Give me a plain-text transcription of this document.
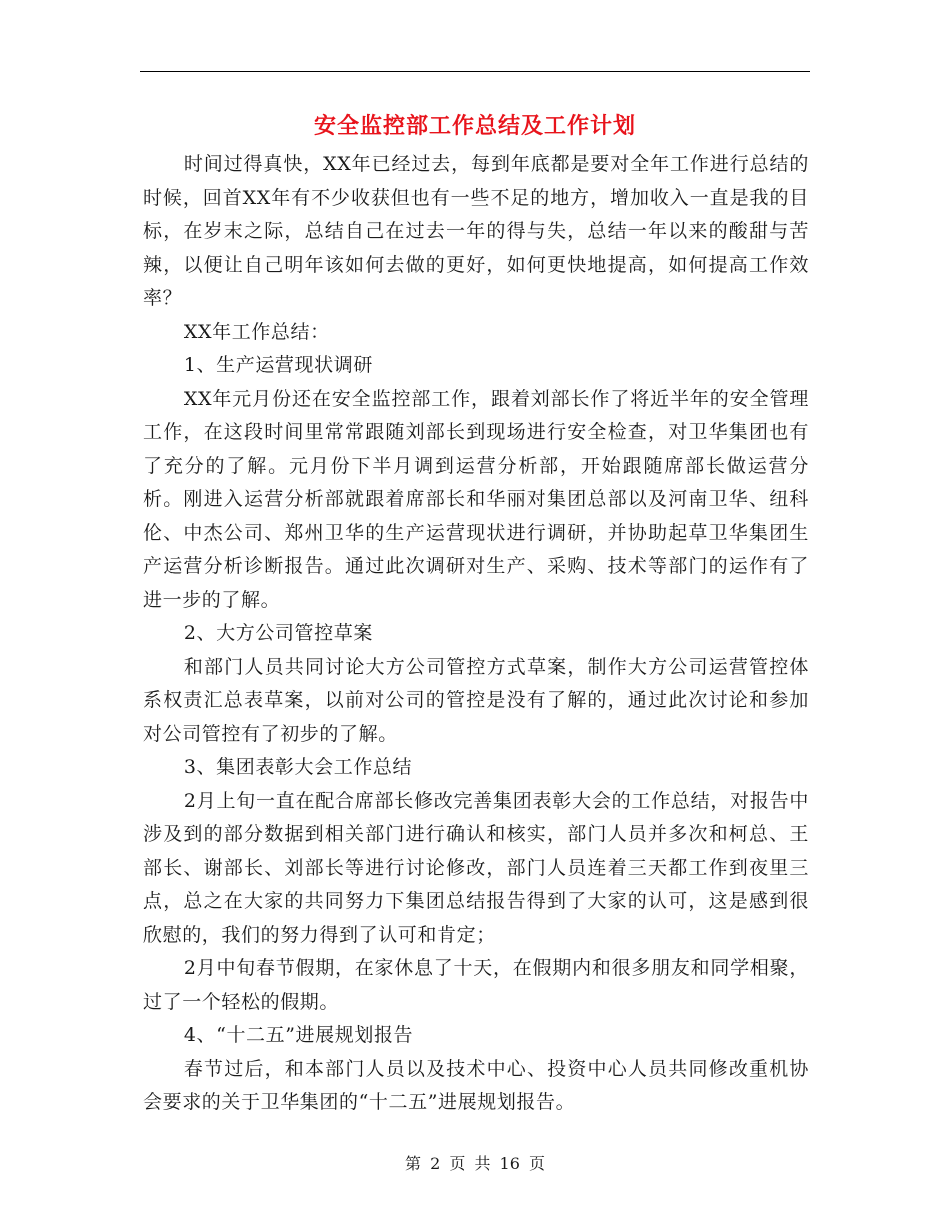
安全监控部工作总结及工作计划

时间过得真快，XX年已经过去，每到年底都是要对全年工作进行总结的时候，回首XX年有不少收获但也有一些不足的地方，增加收入一直是我的目标，在岁末之际，总结自己在过去一年的得与失，总结一年以来的酸甜与苦辣，以便让自己明年该如何去做的更好，如何更快地提高，如何提高工作效率？

XX年工作总结：

1、生产运营现状调研

XX年元月份还在安全监控部工作，跟着刘部长作了将近半年的安全管理工作，在这段时间里常常跟随刘部长到现场进行安全检查，对卫华集团也有了充分的了解。元月份下半月调到运营分析部，开始跟随席部长做运营分析。刚进入运营分析部就跟着席部长和华丽对集团总部以及河南卫华、纽科伦、中杰公司、郑州卫华的生产运营现状进行调研，并协助起草卫华集团生产运营分析诊断报告。通过此次调研对生产、采购、技术等部门的运作有了进一步的了解。

2、大方公司管控草案

和部门人员共同讨论大方公司管控方式草案，制作大方公司运营管控体系权责汇总表草案，以前对公司的管控是没有了解的，通过此次讨论和参加对公司管控有了初步的了解。

3、集团表彰大会工作总结

2月上旬一直在配合席部长修改完善集团表彰大会的工作总结，对报告中涉及到的部分数据到相关部门进行确认和核实，部门人员并多次和柯总、王部长、谢部长、刘部长等进行讨论修改，部门人员连着三天都工作到夜里三点，总之在大家的共同努力下集团总结报告得到了大家的认可，这是感到很欣慰的，我们的努力得到了认可和肯定；

2月中旬春节假期，在家休息了十天，在假期内和很多朋友和同学相聚，过了一个轻松的假期。

4、“十二五”进展规划报告

春节过后，和本部门人员以及技术中心、投资中心人员共同修改重机协会要求的关于卫华集团的“十二五”进展规划报告。

第 2 页 共 16 页
